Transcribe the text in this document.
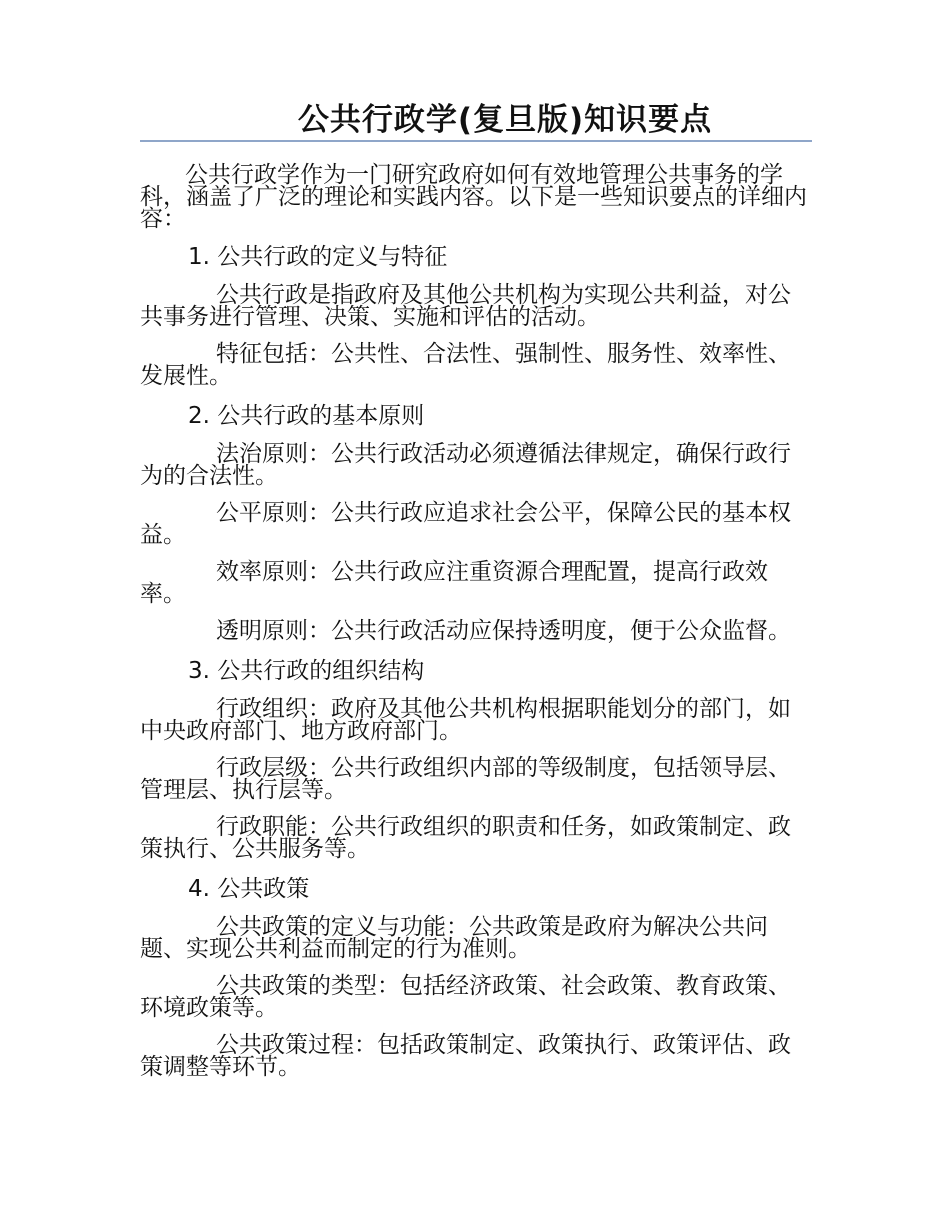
公共行政学(复旦版)知识要点

公共行政学作为一门研究政府如何有效地管理公共事务的学科，涵盖了广泛的理论和实践内容。以下是一些知识要点的详细内容：

1. 公共行政的定义与特征

公共行政是指政府及其他公共机构为实现公共利益，对公共事务进行管理、决策、实施和评估的活动。

特征包括：公共性、合法性、强制性、服务性、效率性、发展性。

2. 公共行政的基本原则

法治原则：公共行政活动必须遵循法律规定，确保行政行为的合法性。

公平原则：公共行政应追求社会公平，保障公民的基本权益。

效率原则：公共行政应注重资源合理配置，提高行政效率。

透明原则：公共行政活动应保持透明度，便于公众监督。

3. 公共行政的组织结构

行政组织：政府及其他公共机构根据职能划分的部门，如中央政府部门、地方政府部门。

行政层级：公共行政组织内部的等级制度，包括领导层、管理层、执行层等。

行政职能：公共行政组织的职责和任务，如政策制定、政策执行、公共服务等。

4. 公共政策

公共政策的定义与功能：公共政策是政府为解决公共问题、实现公共利益而制定的行为准则。

公共政策的类型：包括经济政策、社会政策、教育政策、环境政策等。

公共政策过程：包括政策制定、政策执行、政策评估、政策调整等环节。
